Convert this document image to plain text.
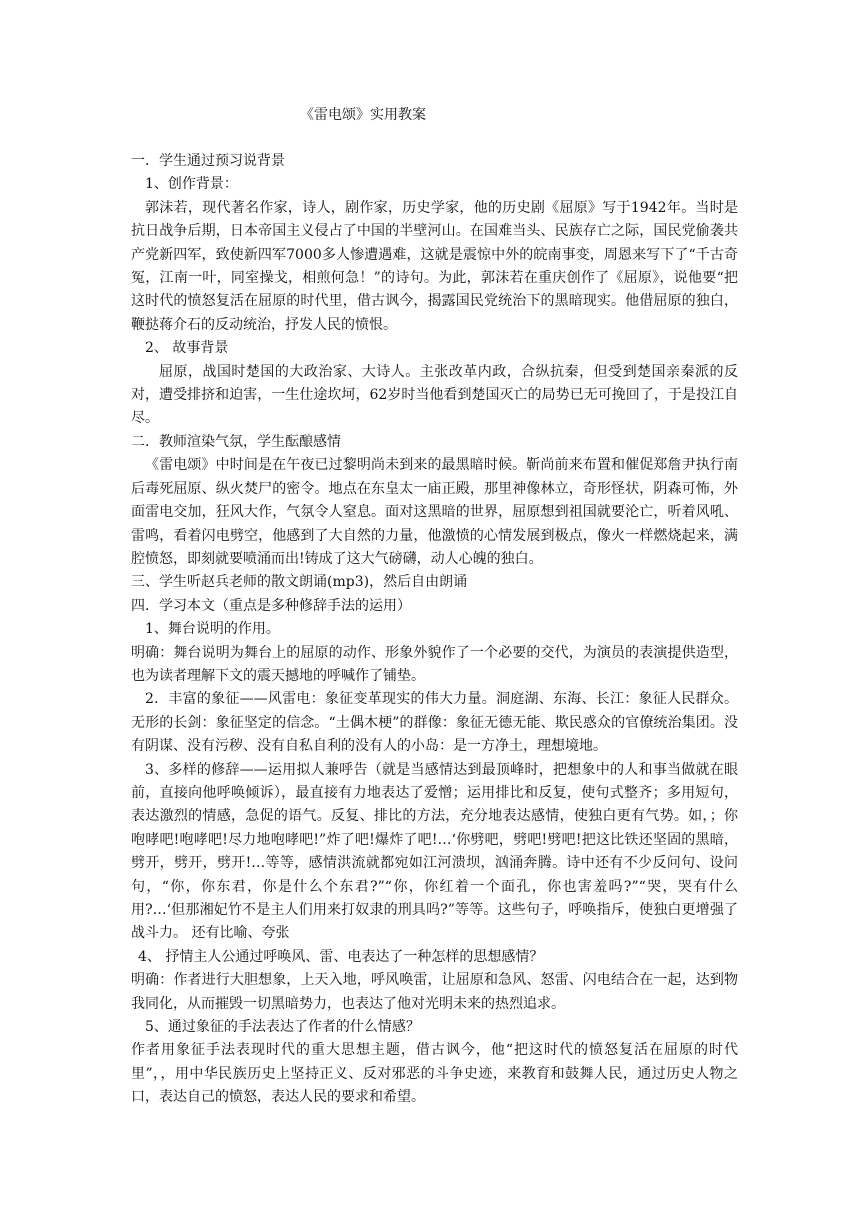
《雷电颂》实用教案

一．学生通过预习说背景

1、创作背景：

郭沫若，现代著名作家，诗人，剧作家，历史学家，他的历史剧《屈原》写于1942年。当时是抗日战争后期，日本帝国主义侵占了中国的半壁河山。在国难当头、民族存亡之际，国民党偷袭共产党新四军，致使新四军7000多人惨遭遇难，这就是震惊中外的皖南事变，周恩来写下了“千古奇冤，江南一叶，同室操戈，相煎何急！”的诗句。为此，郭沫若在重庆创作了《屈原》，说他要“把这时代的愤怒复活在屈原的时代里，借古讽今，揭露国民党统治下的黑暗现实。他借屈原的独白，鞭挞蒋介石的反动统治，抒发人民的愤恨。

2、 故事背景

屈原，战国时楚国的大政治家、大诗人。主张改革内政，合纵抗秦，但受到楚国亲秦派的反对，遭受排挤和迫害，一生仕途坎坷，62岁时当他看到楚国灭亡的局势已无可挽回了，于是投江自尽。

二．教师渲染气氛，学生酝酿感情

《雷电颂》中时间是在午夜已过黎明尚未到来的最黑暗时候。靳尚前来布置和催促郑詹尹执行南后毒死屈原、纵火焚尸的密令。地点在东皇太一庙正殿，那里神像林立，奇形怪状，阴森可怖，外面雷电交加，狂风大作，气氛令人窒息。面对这黑暗的世界，屈原想到祖国就要沦亡，听着风吼、雷鸣，看着闪电劈空，他感到了大自然的力量，他激愤的心情发展到极点，像火一样燃烧起来，满腔愤怒，即刻就要喷涌而出!铸成了这大气磅礴，动人心魄的独白。

三、学生听赵兵老师的散文朗诵(mp3)，然后自由朗诵

四．学习本文（重点是多种修辞手法的运用）

1、舞台说明的作用。

明确：舞台说明为舞台上的屈原的动作、形象外貌作了一个必要的交代，为演员的表演提供造型，也为读者理解下文的震天撼地的呼喊作了铺垫。

2．丰富的象征——风雷电：象征变革现实的伟大力量。洞庭湖、东海、长江：象征人民群众。无形的长剑：象征坚定的信念。“土偶木梗”的群像：象征无德无能、欺民惑众的官僚统治集团。没有阴谋、没有污秽、没有自私自利的没有人的小岛：是一方净土，理想境地。

3、多样的修辞——运用拟人兼呼告（就是当感情达到最顶峰时，把想象中的人和事当做就在眼前，直接向他呼唤倾诉），最直接有力地表达了爱憎；运用排比和反复，使句式整齐；多用短句，表达激烈的情感，急促的语气。反复、排比的方法，充分地表达感情，使独白更有气势。如，；你咆哮吧!咆哮吧!尽力地咆哮吧!”炸了吧!爆炸了吧!…‘你劈吧，劈吧!劈吧!把这比铁还坚固的黑暗，劈开，劈开，劈开!…等等，感情洪流就都宛如江河溃坝，汹涌奔腾。诗中还有不少反问句、设问句，“你，你东君，你是什么个东君?”“你，你红着一个面孔，你也害羞吗?”“哭，哭有什么用?…‘但那湘妃竹不是主人们用来打奴隶的刑具吗?”等等。这些句子，呼唤指斥，使独白更增强了战斗力。 还有比喻、夸张

4、 抒情主人公通过呼唤风、雷、电表达了一种怎样的思想感情？

明确：作者进行大胆想象，上天入地，呼风唤雷，让屈原和急风、怒雷、闪电结合在一起，达到物我同化，从而摧毁一切黑暗势力，也表达了他对光明未来的热烈追求。

5、通过象征的手法表达了作者的什么情感？

作者用象征手法表现时代的重大思想主题，借古讽今，他“把这时代的愤怒复活在屈原的时代里”，，用中华民族历史上坚持正义、反对邪恶的斗争史迹，来教育和鼓舞人民，通过历史人物之口，表达自己的愤怒，表达人民的要求和希望。
